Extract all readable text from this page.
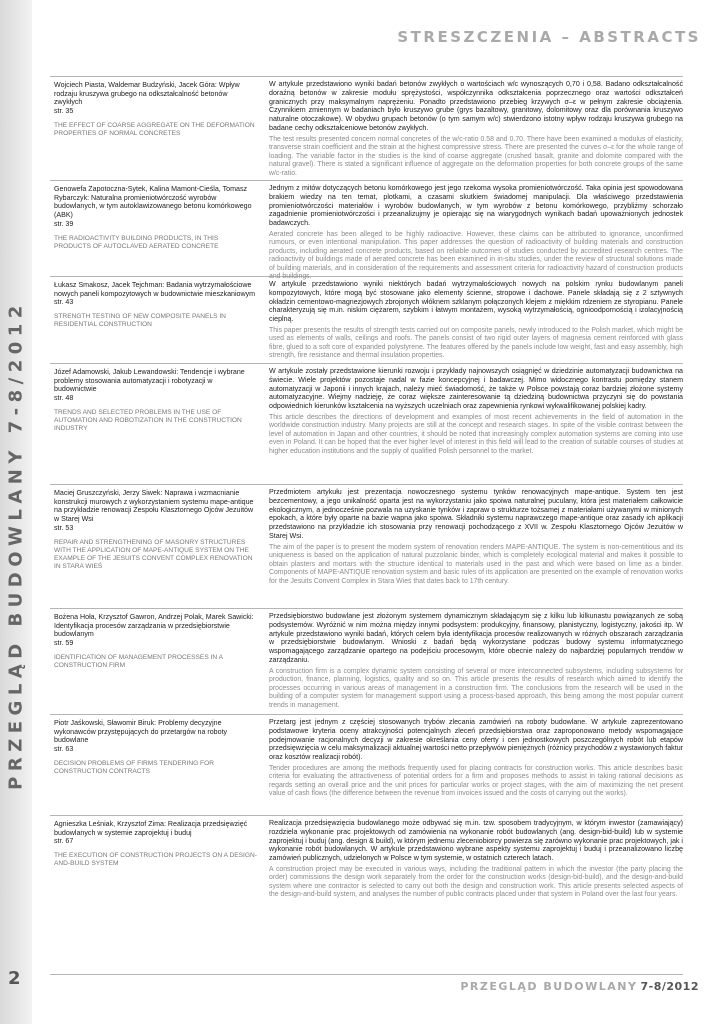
STRESZCZENIA – ABSTRACTS
PRZEGLĄD BUDOWLANY 7-8/2012
Wojciech Piasta, Waldemar Budzyński, Jacek Góra: Wpływ rodzaju kruszywa grubego na odkształcalność betonów zwykłych
str. 35
THE EFFECT OF COARSE AGGREGATE ON THE DEFORMATION PROPERTIES OF NORMAL CONCRETES

W artykule przedstawiono wyniki badań betonów zwykłych o wartościach w/c wynoszących 0,70 i 0,58. Badano odkształcalność doraźną betonów w zakresie modułu sprężystości, współczynnika odkształcenia poprzecznego oraz wartości odkształceń granicznych przy maksymalnym naprężeniu. Ponadto przedstawiono przebieg krzywych σ–ε w pełnym zakresie obciążenia. Czynnikiem zmiennym w badaniach było kruszywo grube (grys bazaltowy, granitowy, dolomitowy oraz dla porównania kruszywo naturalne otoczakowe). W obydwu grupach betonów (o tym samym w/c) stwierdzono istotny wpływ rodzaju kruszywa grubego na badane cechy odkształceniowe betonów zwykłych.

The test results presented concern normal concretes of the w/c-ratio 0.58 and 0.70. There have been examined a modulus of elasticity, transverse strain coefficient and the strain at the highest compressive stress. There are presented the curves σ–ε for the whole range of loading. The variable factor in the studies is the kind of coarse aggregate (crushed basalt, granite and dolomite compared with the natural gravel). There is stated a significant influence of aggregate on the deformation properties for both concrete groups of the same w/c-ratio.

Genowefa Zapotoczna-Sytek, Kalina Mamont-Cieśla, Tomasz Rybarczyk: Naturalna promieniotwórczość wyrobów budowlanych, w tym autoklawizowanego betonu komórkowego (ABK)
str. 39
THE RADIOACTIVITY BUILDING PRODUCTS, IN THIS PRODUCTS OF AUTOCLAVED AERATED CONCRETE

Jednym z mitów dotyczących betonu komórkowego jest jego rzekoma wysoka promieniotwórczość. Taka opinia jest spowodowana brakiem wiedzy na ten temat, plotkami, a czasami skutkiem świadomej manipulacji. Dla właściwego przedstawienia promieniotwórczości materiałów i wyrobów budowlanych, w tym wyrobów z betonu komórkowego, przybliżmy schorzało zagadnienie promieniotwórczości i przeanalizujmy je opierając się na wiarygodnych wynikach badań upoważnionych jednostek badawczych.

Aerated concrete has been alleged to be highly radioactive. However, these claims can be attributed to ignorance, unconfirmed rumours, or even intentional manipulation. This paper addresses the question of radioactivity of building materials and construction products, including aerated concrete products, based on reliable outcomes of studies conducted by accredited research centres. The radioactivity of buildings made of aerated concrete has been examined in in-situ studies, under the review of structural solutions made of building materials, and in consideration of the requirements and assessment criteria for radioactivity hazard of construction products and buildings.

Łukasz Smakosz, Jacek Tejchman: Badania wytrzymałościowe nowych paneli kompozytowych w budownictwie mieszkaniowym
str. 43
STRENGTH TESTING OF NEW COMPOSITE PANELS IN RESIDENTIAL CONSTRUCTION

W artykule przedstawiono wyniki niektórych badań wytrzymałościowych nowych na polskim rynku budowlanym paneli kompozytowych, które mogą być stosowane jako elementy ścienne, stropowe i dachowe. Panele składają się z 2 sztywnych okładzin cementowo-magnezjowych zbrojonych włóknem szklanym połączonych klejem z miękkim rdzeniem ze styropianu. Panele charakteryzują się m.in. niskim ciężarem, szybkim i łatwym montażem, wysoką wytrzymałością, ognioodpornością i izolacyjnością cieplną.

This paper presents the results of strength tests carried out on composite panels, newly introduced to the Polish market, which might be used as elements of walls, ceilings and roofs. The panels consist of two rigid outer layers of magnesia cement reinforced with glass fibre, glued to a soft core of expanded polystyrene. The features offered by the panels include low weight, fast and easy assembly, high strength, fire resistance and thermal insulation properties.

Józef Adamowski, Jakub Lewandowski: Tendencje i wybrane problemy stosowania automatyzacji i robotyzacji w budownictwie
str. 48
TRENDS AND SELECTED PROBLEMS IN THE USE OF AUTOMATION AND ROBOTIZATION IN THE CONSTRUCTION INDUSTRY

W artykule zostały przedstawione kierunki rozwoju i przykłady najnowszych osiągnięć w dziedzinie automatyzacji budownictwa na świecie. Wiele projektów pozostaje nadal w fazie koncepcyjnej i badawczej. Mimo widocznego kontrastu pomiędzy stanem automatyzacji w Japonii i innych krajach, należy mieć świadomość, że także w Polsce powstają coraz bardziej złożone systemy automatyzacyjne. Wiejmy nadzieję, że coraz większe zainteresowanie tą dziedziną budownictwa przyczyni się do powstania odpowiednich kierunków kształcenia na wyższych uczelniach oraz zapewnienia rynkowi wykwalifikowanej polskiej kadry.

This article describes the directions of development and examples of most recent achievements in the field of automation in the worldwide construction industry. Many projects are still at the concept and research stages. In spite of the visible contrast between the level of automation in Japan and other countries, it should be noted that increasingly complex automation systems are coming into use even in Poland. It can be hoped that the ever higher level of interest in this field will lead to the creation of suitable courses of studies at higher education institutions and the supply of qualified Polish personnel to the market.

Maciej Gruszczyński, Jerzy Siwek: Naprawa i wzmacnianie konstrukcji murowych z wykorzystaniem systemu mape-antique na przykładzie renowacji Zespołu Klasztornego Ojców Jezuitów w Starej Wsi
str. 53
REPAIR AND STRENGTHENING OF MASONRY STRUCTURES WITH THE APPLICATION OF MAPE-ANTIQUE SYSTEM ON THE EXAMPLE OF THE JESUITS CONVENT COMPLEX RENOVATION IN STARA WIEŚ

Przedmiotem artykułu jest prezentacja nowoczesnego systemu tynków renowacyjnych mape-antique. System ten jest bezcementowy, a jego unikalność oparta jest na wykorzystaniu jako spoiwa naturalnej puculany, która jest materiałem całkowicie ekologicznym, a jednocześnie pozwala na uzyskanie tynków i zapraw o strukturze tożsamej z materiałami używanymi w minionych epokach, a które były oparte na bazie wapna jako spoiwa. Składniki systemu naprawczego mape-antique oraz zasady ich aplikacji przedstawiono na przykładzie ich stosowania przy renowacji pochodzącego z XVII w. Zespołu Klasztornego Ojców Jezuitów w Starej Wsi.

The aim of the paper is to present the modern system of renovation renders MAPE-ANTIQUE. The system is non-cementitious and its uniqueness is based on the application of natural puzzolanic binder, which is completely ecological material and makes it possible to obtain plasters and mortars with the structure identical to materials used in the past and which were based on lime as a binder. Components of MAPE-ANTIQUE renovation system and basic rules of its application are presented on the example of renovation works for the Jesuits Convent Complex in Stara Wieś that dates back to 17th century.

Bożena Hoła, Krzysztof Gawron, Andrzej Polak, Marek Sawicki: Identyfikacja procesów zarządzania w przedsiębiorstwie budowlanym
str. 59
IDENTIFICATION OF MANAGEMENT PROCESSES IN A CONSTRUCTION FIRM

Przedsiębiorstwo budowlane jest złożonym systemem dynamicznym składającym się z kilku lub kilkunastu powiązanych ze sobą podsystemów. Wyróżnić w nim można między innymi podsystem: produkcyjny, finansowy, planistyczny, logistyczny, jakości itp. W artykule przedstawiono wyniki badań, których celem była identyfikacja procesów realizowanych w różnych obszarach zarządzania w przedsiębiorstwie budowlanym. Wnioski z badań będą wykorzystane podczas budowy systemu informatycznego wspomagającego zarządzanie opartego na podejściu procesowym, które obecnie należy do najbardziej popularnych trendów w zarządzaniu.

A construction firm is a complex dynamic system consisting of several or more interconnected subsystems, including subsystems for production, finance, planning, logistics, quality and so on. This article presents the results of research which aimed to identify the processes occurring in various areas of management in a construction firm. The conclusions from the research will be used in the building of a computer system for management support using a process-based approach, this being among the most popular current trends in management.

Piotr Jaśkowski, Sławomir Biruk: Problemy decyzyjne wykonawców przystępujących do przetargów na roboty budowlane
str. 63
DECISION PROBLEMS OF FIRMS TENDERING FOR CONSTRUCTION CONTRACTS

Przetarg jest jednym z częściej stosowanych trybów zlecania zamówień na roboty budowlane. W artykule zaprezentowano podstawowe kryteria oceny atrakcyjności potencjalnych zleceń przedsiębiorstwa oraz zaproponowano metody wspomagające podejmowanie racjonalnych decyzji w zakresie określania ceny oferty i cen jednostkowych poszczególnych robót lub etapów przedsięwzięcia w celu maksymalizacji aktualnej wartości netto przepływów pieniężnych (różnicy przychodów z wystawionych faktur oraz kosztów realizacji robót).

Tender procedures are among the methods frequently used for placing contracts for construction works. This article describes basic criteria for evaluating the attractiveness of potential orders for a firm and proposes methods to assist in taking rational decisions as regards setting an overall price and the unit prices for particular works or project stages, with the aim of maximizing the net present value of cash flows (the difference between the revenue from invoices issued and the costs of carrying out the works).

Agnieszka Leśniak, Krzysztof Zima: Realizacja przedsięwzięć budowlanych w systemie zaprojektuj i buduj
str. 67
THE EXECUTION OF CONSTRUCTION PROJECTS ON A DESIGN-AND-BUILD SYSTEM

Realizacja przedsięwzięcia budowlanego może odbywać się m.in. tzw. sposobem tradycyjnym, w którym inwestor (zamawiający) rozdziela wykonanie prac projektowych od zamówienia na wykonanie robót budowlanych (ang. design-bid-build) lub w systemie zaprojektuj i buduj (ang. design & build), w którym jednemu zleceniobiorcy powierza się zarówno wykonanie prac projektowych, jak i wykonanie robót budowlanych. W artykule przedstawiono wybrane aspekty systemu zaprojektuj i buduj i przeanalizowano liczbę zamówień publicznych, udzielonych w Polsce w tym systemie, w ostatnich czterech latach.

A construction project may be executed in various ways, including the traditional pattern in which the investor (the party placing the order) commissions the design work separately from the order for the construction works (design-bid-build), and the design-and-build system where one contractor is selected to carry out both the design and construction work. This article presents selected aspects of the design-and-build system, and analyses the number of public contracts placed under that system in Poland over the last four years.

2	PRZEGLĄD BUDOWLANY 7-8/2012
